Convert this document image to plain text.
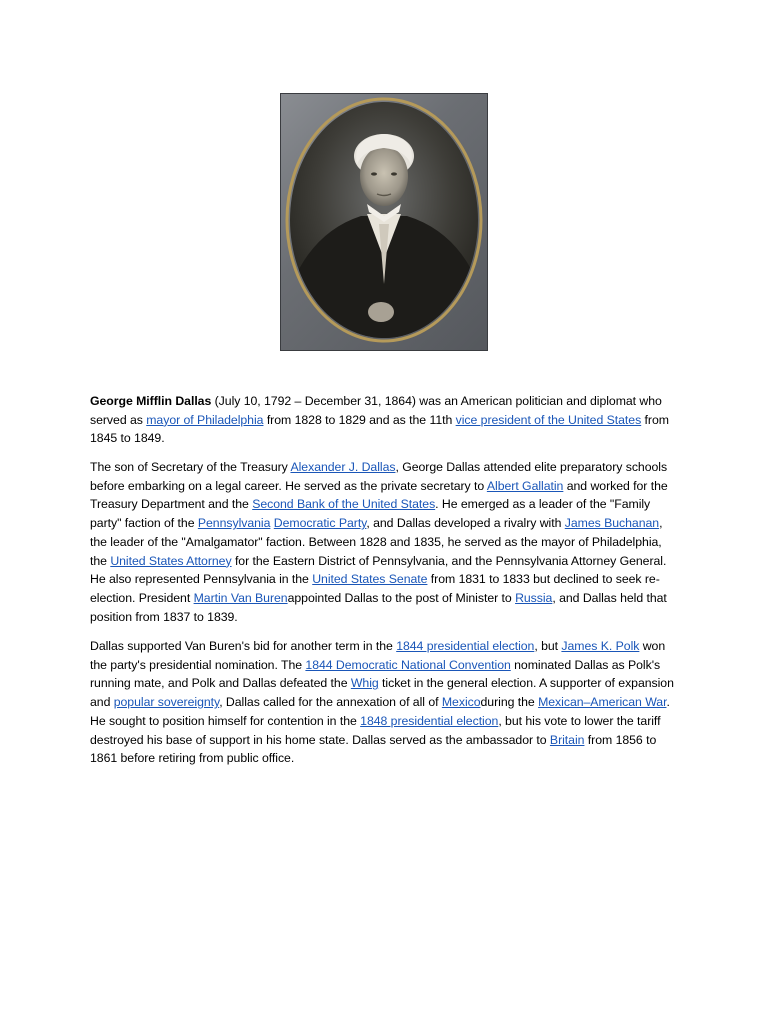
George Mifflin Dallas (July 10, 1792 – December 31, 1864) was an American politician and diplomat who served as mayor of Philadelphia from 1828 to 1829 and as the 11th vice president of the United States from 1845 to 1849.

The son of Secretary of the Treasury Alexander J. Dallas, George Dallas attended elite preparatory schools before embarking on a legal career. He served as the private secretary to Albert Gallatin and worked for the Treasury Department and the Second Bank of the United States. He emerged as a leader of the "Family party" faction of the Pennsylvania Democratic Party, and Dallas developed a rivalry with James Buchanan, the leader of the "Amalgamator" faction. Between 1828 and 1835, he served as the mayor of Philadelphia, the United States Attorney for the Eastern District of Pennsylvania, and the Pennsylvania Attorney General. He also represented Pennsylvania in the United States Senate from 1831 to 1833 but declined to seek re-election. President Martin Van Burenappointed Dallas to the post of Minister to Russia, and Dallas held that position from 1837 to 1839.

Dallas supported Van Buren's bid for another term in the 1844 presidential election, but James K. Polk won the party's presidential nomination. The 1844 Democratic National Convention nominated Dallas as Polk's running mate, and Polk and Dallas defeated the Whig ticket in the general election. A supporter of expansion and popular sovereignty, Dallas called for the annexation of all of Mexicoduring the Mexican–American War. He sought to position himself for contention in the 1848 presidential election, but his vote to lower the tariff destroyed his base of support in his home state. Dallas served as the ambassador to Britain from 1856 to 1861 before retiring from public office.
